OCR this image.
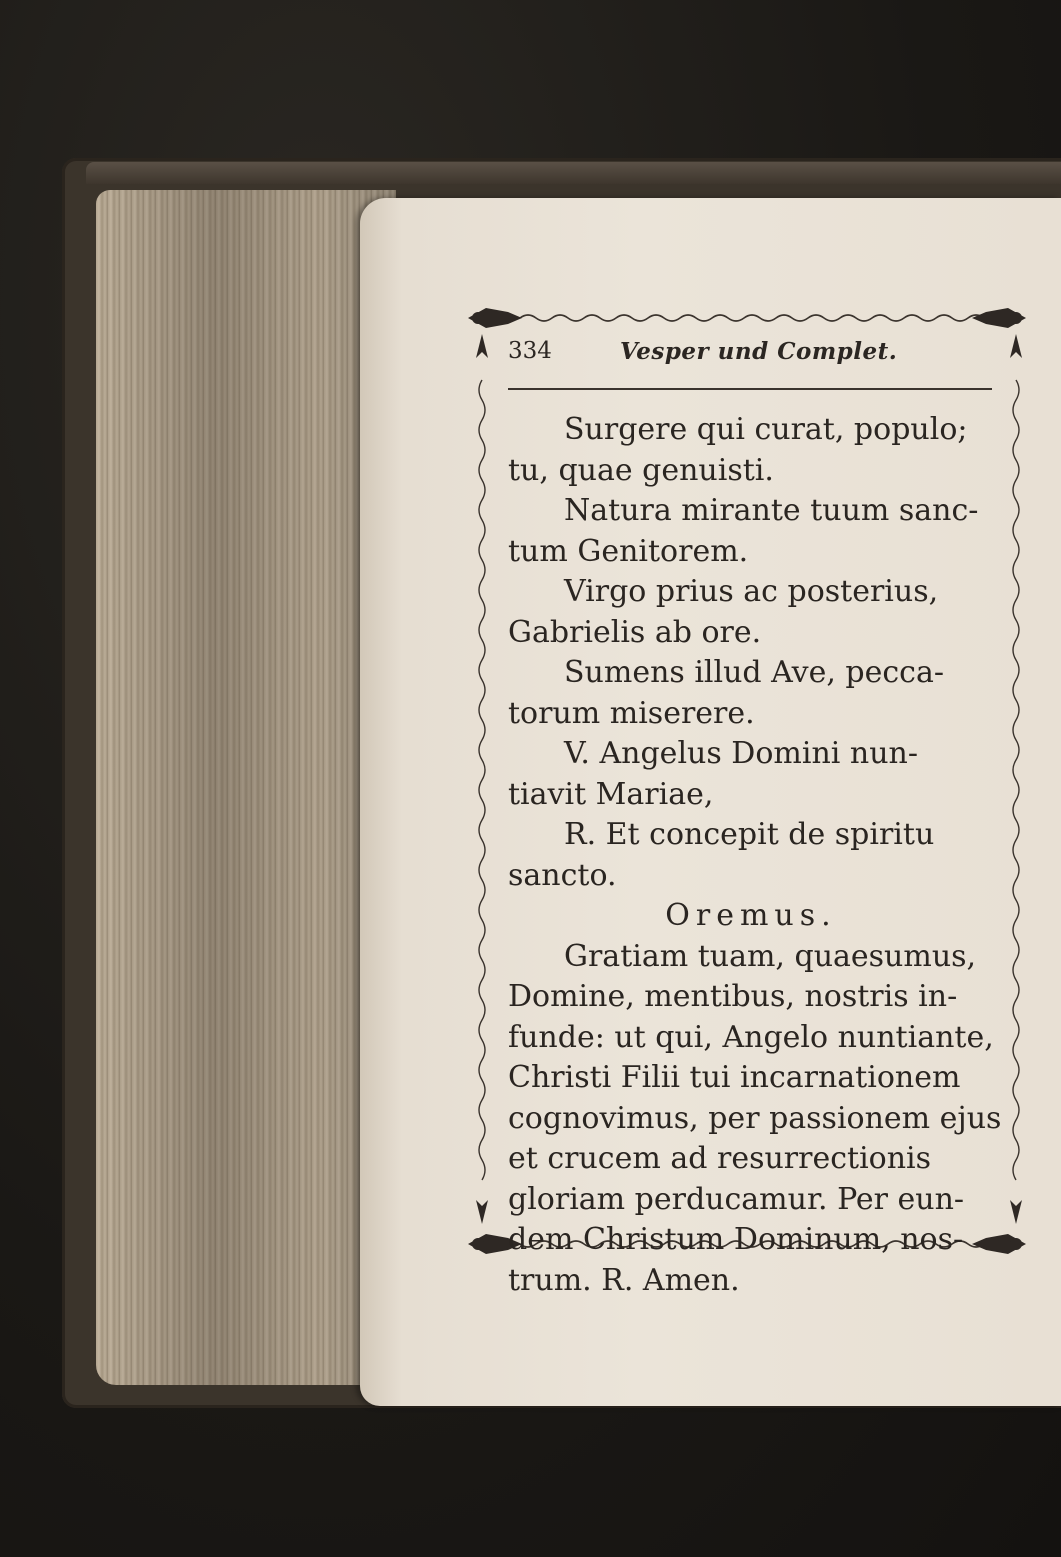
334	Vesper und Complet.
Surgere qui curat, populo;
tu, quae genuisti.
Natura mirante tuum sanc-
tum Genitorem.
Virgo prius ac posterius,
Gabrielis ab ore.
Sumens illud Ave, pecca-
torum miserere.
V. Angelus Domini nun-
tiavit Mariae,
R. Et concepit de spiritu
sancto.
Oremus.
Gratiam tuam, quaesumus,
Domine, mentibus, nostris in-
funde: ut qui, Angelo nuntiante,
Christi Filii tui incarnationem
cognovimus, per passionem ejus
et crucem ad resurrectionis
gloriam perducamur. Per eun-
dem Christum Dominum, nos-
trum. R. Amen.
